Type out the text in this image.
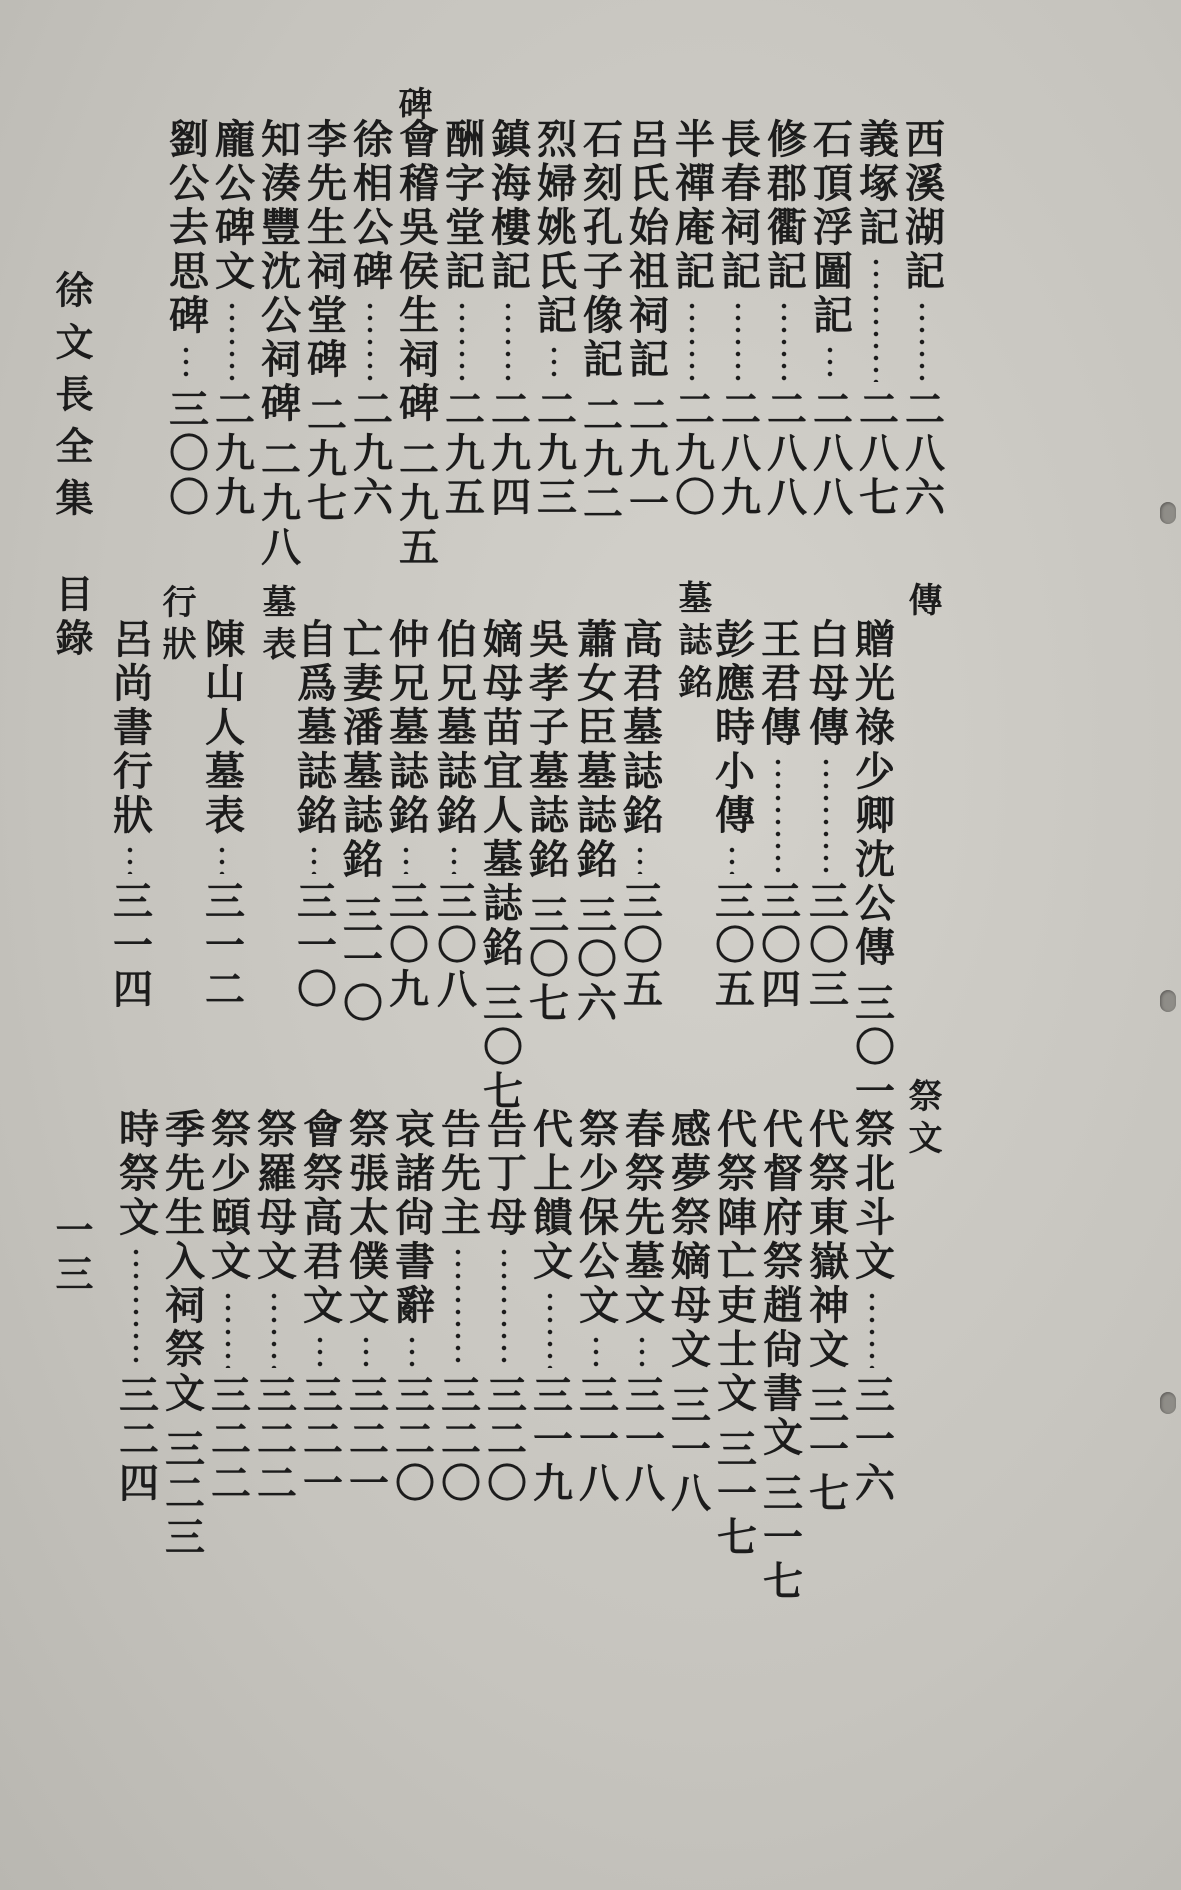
碑
傳
墓誌銘
墓表
行狀
祭文
徐文長全集
目錄
一三
西溪湖記
二八六
義塚記
二八七
石頂浮圖記
二八八
修郡衢記
二八八
長春祠記
二八九
半禪庵記
二九〇
呂氏始祖祠記
二九一
石刻孔子像記
二九二
烈婦姚氏記
二九三
鎮海樓記
二九四
酬字堂記
二九五
會稽吳侯生祠碑
二九五
徐相公碑
二九六
李先生祠堂碑
二九七
知湊豐沈公祠碑
二九八
龐公碑文
二九九
劉公去思碑
三〇〇
贈光祿少卿沈公傳
三〇一
白母傳
三〇三
王君傳
三〇四
彭應時小傳
三〇五
高君墓誌銘
三〇五
蕭女臣墓誌銘
三〇六
吳孝子墓誌銘
三〇七
嫡母苗宜人墓誌銘
三〇七
伯兄墓誌銘
三〇八
仲兄墓誌銘
三〇九
亡妻潘墓誌銘
三一〇
自爲墓誌銘
三一〇
陳山人墓表
三一二
呂尚書行狀
三一四
祭北斗文
三一六
代祭東嶽神文
三一七
代督府祭趙尙書文
三一七
代祭陣亡吏士文
三一七
感夢祭嫡母文
三一八
春祭先墓文
三一八
祭少保公文
三一八
代上饋文
三一九
告丁母
三二〇
告先主
三二〇
哀諸尙書辭
三二〇
祭張太僕文
三二一
會祭高君文
三二一
祭羅母文
三二二
祭少頤文
三二二
季先生入祠祭文
三二三
時祭文
三二四
